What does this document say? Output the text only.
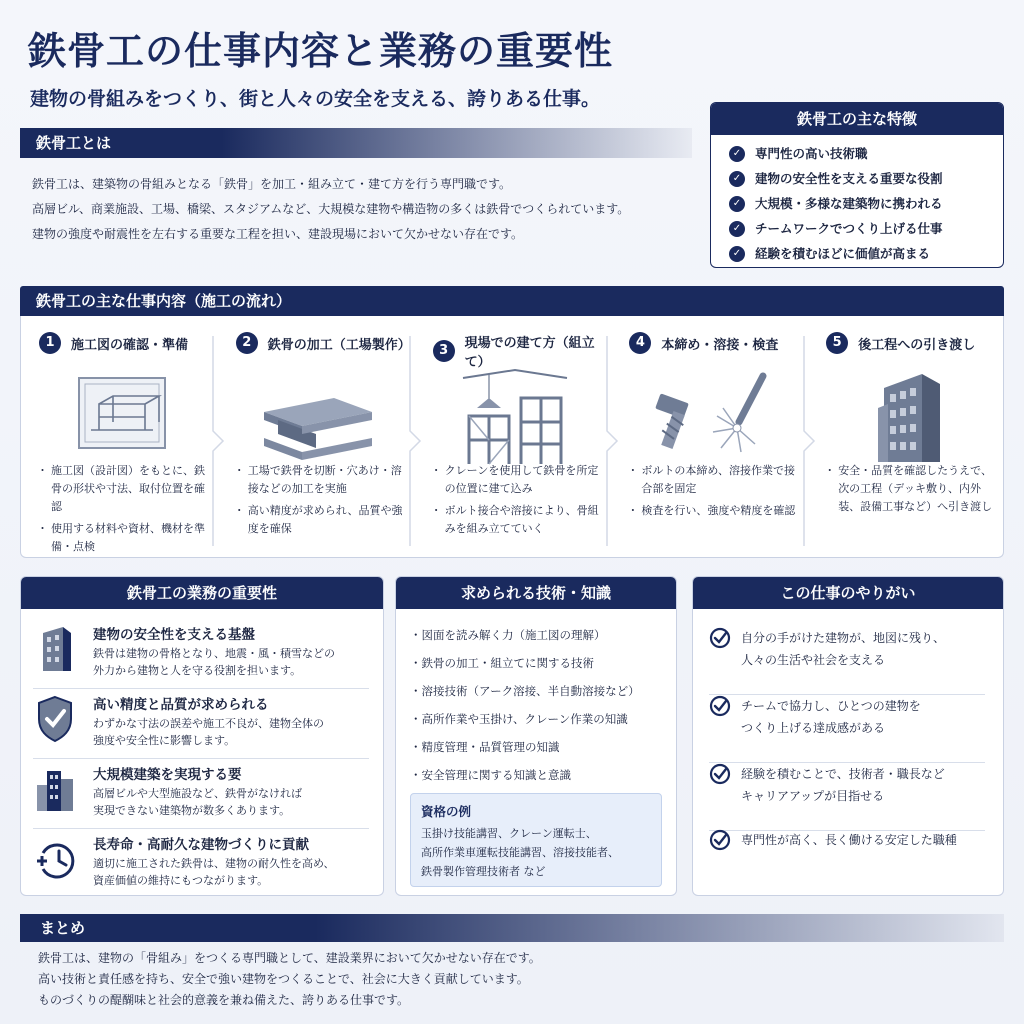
鉄骨工の仕事内容と業務の重要性
建物の骨組みをつくり、街と人々の安全を支える、誇りある仕事。
鉄骨工とは
鉄骨工は、建築物の骨組みとなる「鉄骨」を加工・組み立て・建て方を行う専門職です。
高層ビル、商業施設、工場、橋梁、スタジアムなど、大規模な建物や構造物の多くは鉄骨でつくられています。
建物の強度や耐震性を左右する重要な工程を担い、建設現場において欠かせない存在です。
鉄骨工の主な特徴
✓	専門性の高い技術職
✓	建物の安全性を支える重要な役割
✓	大規模・多様な建築物に携われる
✓	チームワークでつくり上げる仕事
✓	経験を積むほどに価値が高まる
鉄骨工の主な仕事内容（施工の流れ）
1	施工図の確認・準備
・ 施工図（設計図）をもとに、鉄骨の形状や寸法、取付位置を確認
・ 使用する材料や資材、機材を準備・点検
2	鉄骨の加工（工場製作）
・ 工場で鉄骨を切断・穴あけ・溶接などの加工を実施
・ 高い精度が求められ、品質や強度を確保
3	現場での建て方（組立て）
・ クレーンを使用して鉄骨を所定の位置に建て込み
・ ボルト接合や溶接により、骨組みを組み立てていく
4	本締め・溶接・検査
・ ボルトの本締め、溶接作業で接合部を固定
・ 検査を行い、強度や精度を確認
5	後工程への引き渡し
・ 安全・品質を確認したうえで、次の工程（デッキ敷り、内外装、設備工事など）へ引き渡し
鉄骨工の業務の重要性
建物の安全性を支える基盤
鉄骨は建物の骨格となり、地震・風・積雪などの
外力から建物と人を守る役割を担います。
高い精度と品質が求められる
わずかな寸法の誤差や施工不良が、建物全体の
強度や安全性に影響します。
大規模建築を実現する要
高層ビルや大型施設など、鉄骨がなければ
実現できない建築物が数多くあります。
長寿命・高耐久な建物づくりに貢献
適切に施工された鉄骨は、建物の耐久性を高め、
資産価値の維持にもつながります。
求められる技術・知識
・ 図面を読み解く力（施工図の理解）
・ 鉄骨の加工・組立てに関する技術
・ 溶接技術（アーク溶接、半自動溶接など）
・ 高所作業や玉掛け、クレーン作業の知識
・ 精度管理・品質管理の知識
・ 安全管理に関する知識と意識
資格の例
玉掛け技能講習、クレーン運転士、
高所作業車運転技能講習、溶接技能者、
鉄骨製作管理技術者 など
この仕事のやりがい
自分の手がけた建物が、地図に残り、
人々の生活や社会を支える
チームで協力し、ひとつの建物を
つくり上げる達成感がある
経験を積むことで、技術者・職長など
キャリアアップが目指せる
専門性が高く、長く働ける安定した職種
まとめ
鉄骨工は、建物の「骨組み」をつくる専門職として、建設業界において欠かせない存在です。
高い技術と責任感を持ち、安全で強い建物をつくることで、社会に大きく貢献しています。
ものづくりの醍醐味と社会的意義を兼ね備えた、誇りある仕事です。
